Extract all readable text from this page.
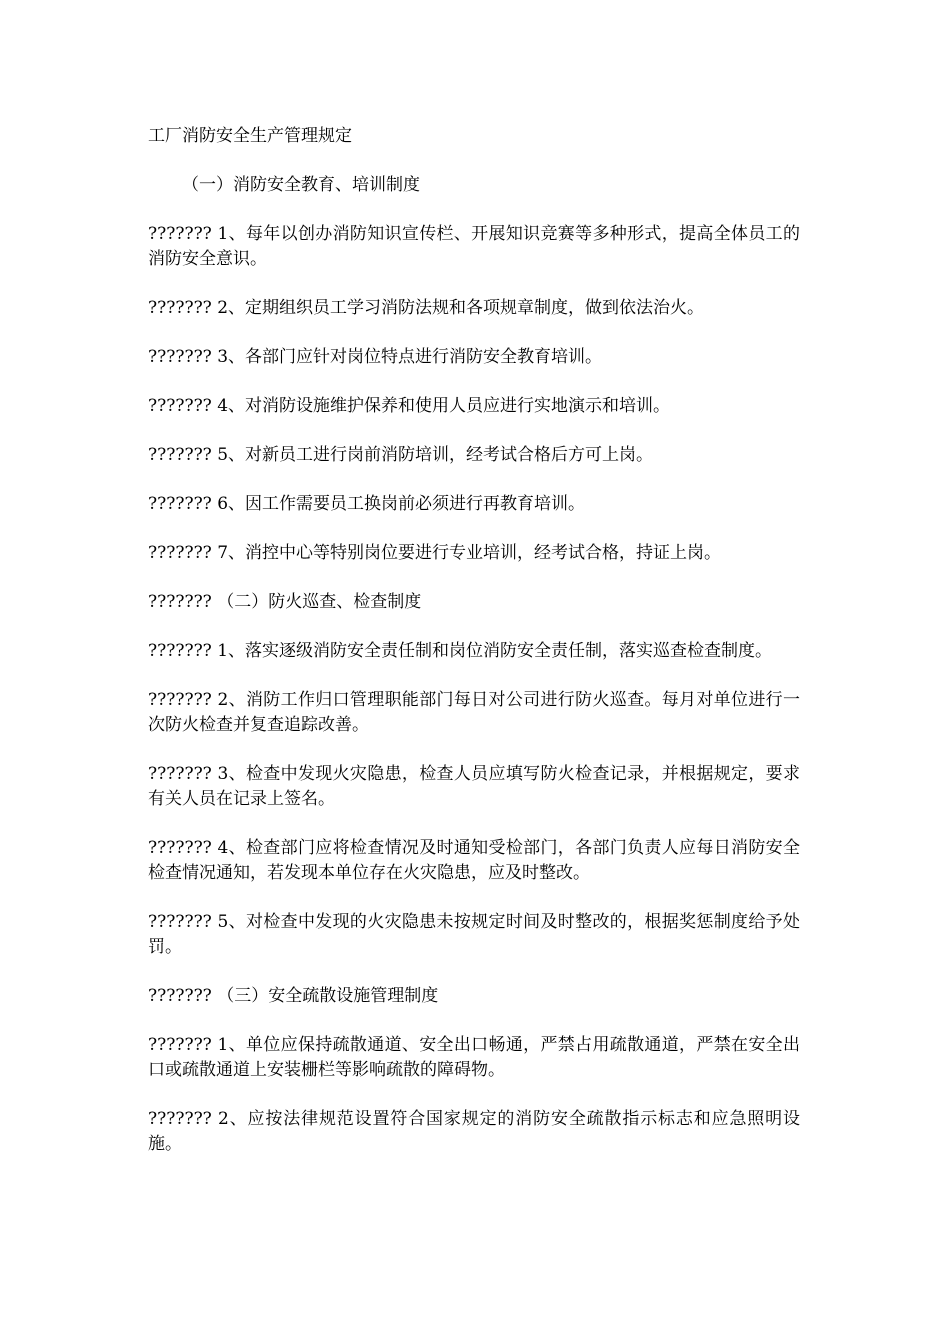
工厂消防安全生产管理规定
（一）消防安全教育、培训制度
??????? 1、每年以创办消防知识宣传栏、开展知识竞赛等多种形式，提高全体员工的消防安全意识。
??????? 2、定期组织员工学习消防法规和各项规章制度，做到依法治火。
??????? 3、各部门应针对岗位特点进行消防安全教育培训。
??????? 4、对消防设施维护保养和使用人员应进行实地演示和培训。
??????? 5、对新员工进行岗前消防培训，经考试合格后方可上岗。
??????? 6、因工作需要员工换岗前必须进行再教育培训。
??????? 7、消控中心等特别岗位要进行专业培训，经考试合格，持证上岗。
??????? （二）防火巡查、检查制度
??????? 1、落实逐级消防安全责任制和岗位消防安全责任制，落实巡查检查制度。
??????? 2、消防工作归口管理职能部门每日对公司进行防火巡查。每月对单位进行一次防火检查并复查追踪改善。
??????? 3、检查中发现火灾隐患，检查人员应填写防火检查记录，并根据规定，要求有关人员在记录上签名。
??????? 4、检查部门应将检查情况及时通知受检部门，各部门负责人应每日消防安全检查情况通知，若发现本单位存在火灾隐患，应及时整改。
??????? 5、对检查中发现的火灾隐患未按规定时间及时整改的，根据奖惩制度给予处罚。
??????? （三）安全疏散设施管理制度
??????? 1、单位应保持疏散通道、安全出口畅通，严禁占用疏散通道，严禁在安全出口或疏散通道上安装栅栏等影响疏散的障碍物。
??????? 2、应按法律规范设置符合国家规定的消防安全疏散指示标志和应急照明设施。
